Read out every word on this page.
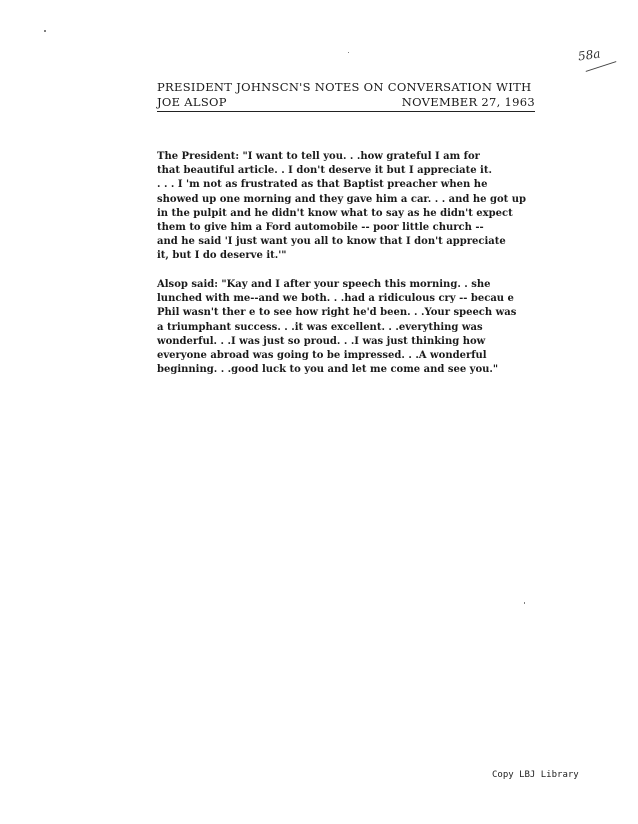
58a
PRESIDENT JOHNSCN'S NOTES ON CONVERSATION WITH
JOE ALSOP	NOVEMBER 27, 1963
The President: "I want to tell you. . .how grateful I am for
that beautiful article. . I don't deserve it but I appreciate it.
. . . I 'm not as frustrated as that Baptist preacher when he
showed up one morning and they gave him a car. . . and he got up
in the pulpit and he didn't know what to say as he didn't expect
them to give him a Ford automobile -- poor little church --
and he said 'I just want you all to know that I don't appreciate
it, but I do deserve it.'"
Alsop said: "Kay and I after your speech this morning. . she
lunched with me--and we both. . .had a ridiculous cry -- becau e
Phil wasn't ther e to see how right he'd been. . .Your speech was
a triumphant success. . .it was excellent. . .everything was
wonderful. . .I was just so proud. . .I was just thinking how
everyone abroad was going to be impressed. . .A wonderful
beginning. . .good luck to you and let me come and see you."
Copy LBJ Library
